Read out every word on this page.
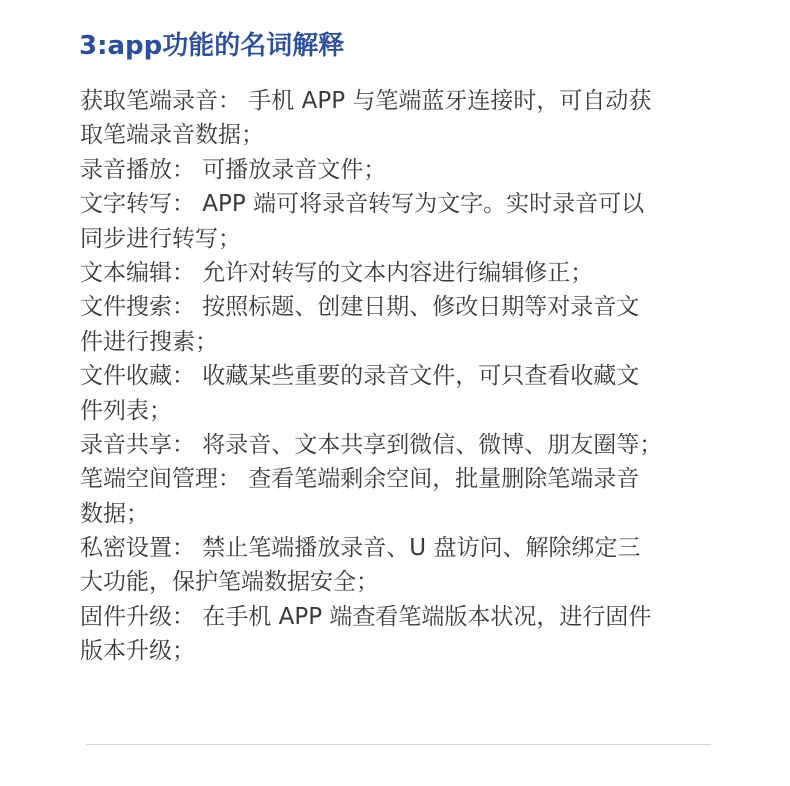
3:app功能的名词解释
获取笔端录音： 手机 APP 与笔端蓝牙连接时，可自动获
取笔端录音数据；
录音播放： 可播放录音文件；
文字转写： APP 端可将录音转写为文字。实时录音可以
同步进行转写；
文本编辑： 允许对转写的文本内容进行编辑修正；
文件搜索： 按照标题、创建日期、修改日期等对录音文
件进行搜素；
文件收藏： 收藏某些重要的录音文件，可只查看收藏文
件列表；
录音共享： 将录音、文本共享到微信、微博、朋友圈等；
笔端空间管理： 查看笔端剩余空间，批量删除笔端录音
数据；
私密设置： 禁止笔端播放录音、U 盘访问、解除绑定三
大功能，保护笔端数据安全；
固件升级： 在手机 APP 端查看笔端版本状况，进行固件
版本升级；
